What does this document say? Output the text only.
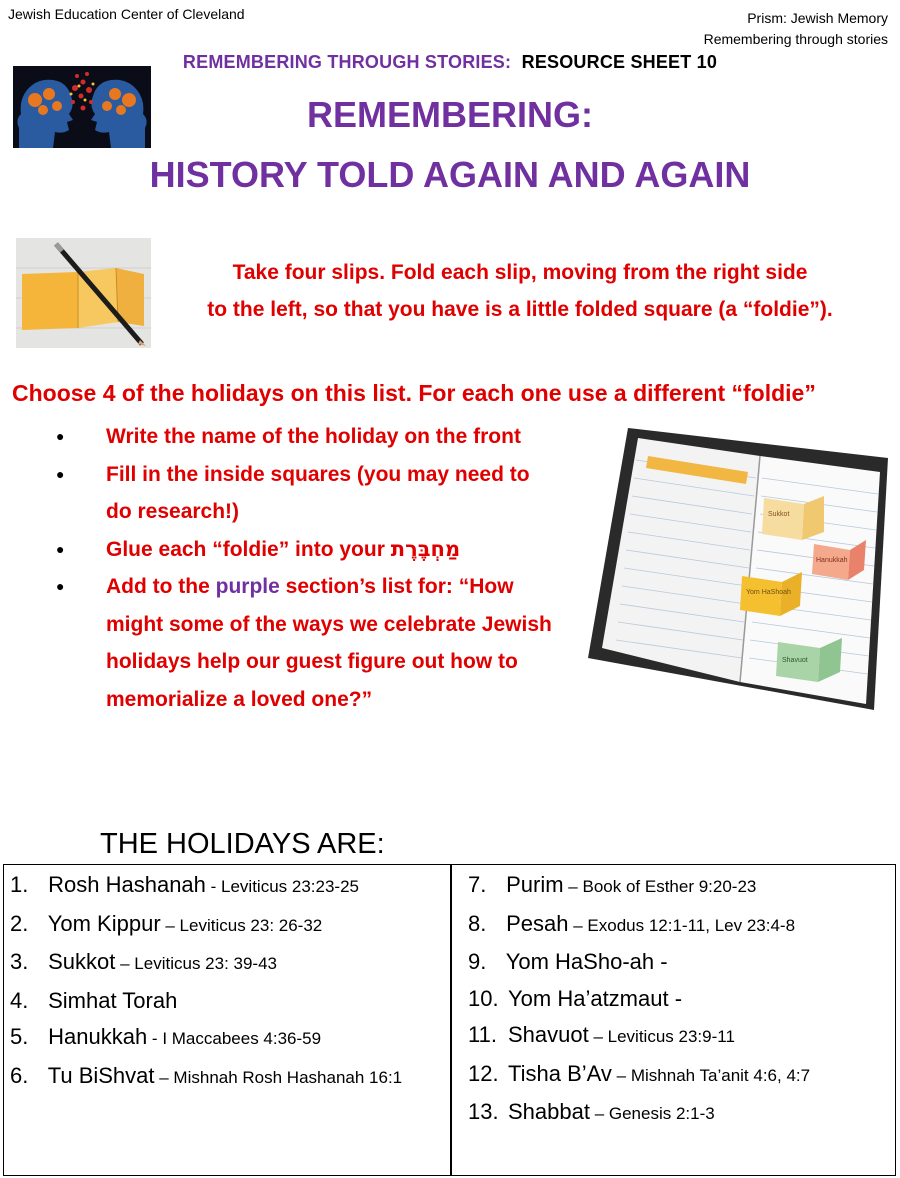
Jewish Education Center of Cleveland	Prism: Jewish Memory
Remembering through stories
REMEMBERING THROUGH STORIES: RESOURCE SHEET 10
REMEMBERING:
HISTORY TOLD AGAIN AND AGAIN
Take four slips. Fold each slip, moving from the right side
to the left, so that you have is a little folded square (a “foldie”).
Choose 4 of the holidays on this list. For each one use a different “foldie”
● Write the name of the holiday on the front
● Fill in the inside squares (you may need to
do research!)
● Glue each “foldie” into your מַחְבֶּרֶת
● Add to the purple section’s list for: “How
might some of the ways we celebrate Jewish
holidays help our guest figure out how to
memorialize a loved one?”
Sukkot
Hanukkah
Yom HaShoah
Shavuot
THE HOLIDAYS ARE:
1. Rosh Hashanah - Leviticus 23:23-25
2. Yom Kippur – Leviticus 23: 26-32
3. Sukkot – Leviticus 23: 39-43
4. Simhat Torah
5. Hanukkah - I Maccabees 4:36-59
6. Tu BiShvat – Mishnah Rosh Hashanah 16:1
7. Purim – Book of Esther 9:20-23
8. Pesah – Exodus 12:1-11, Lev 23:4-8
9. Yom HaSho-ah -
10. Yom Ha’atzmaut -
11. Shavuot – Leviticus 23:9-11
12. Tisha B’Av – Mishnah Ta’anit 4:6, 4:7
13. Shabbat – Genesis 2:1-3
